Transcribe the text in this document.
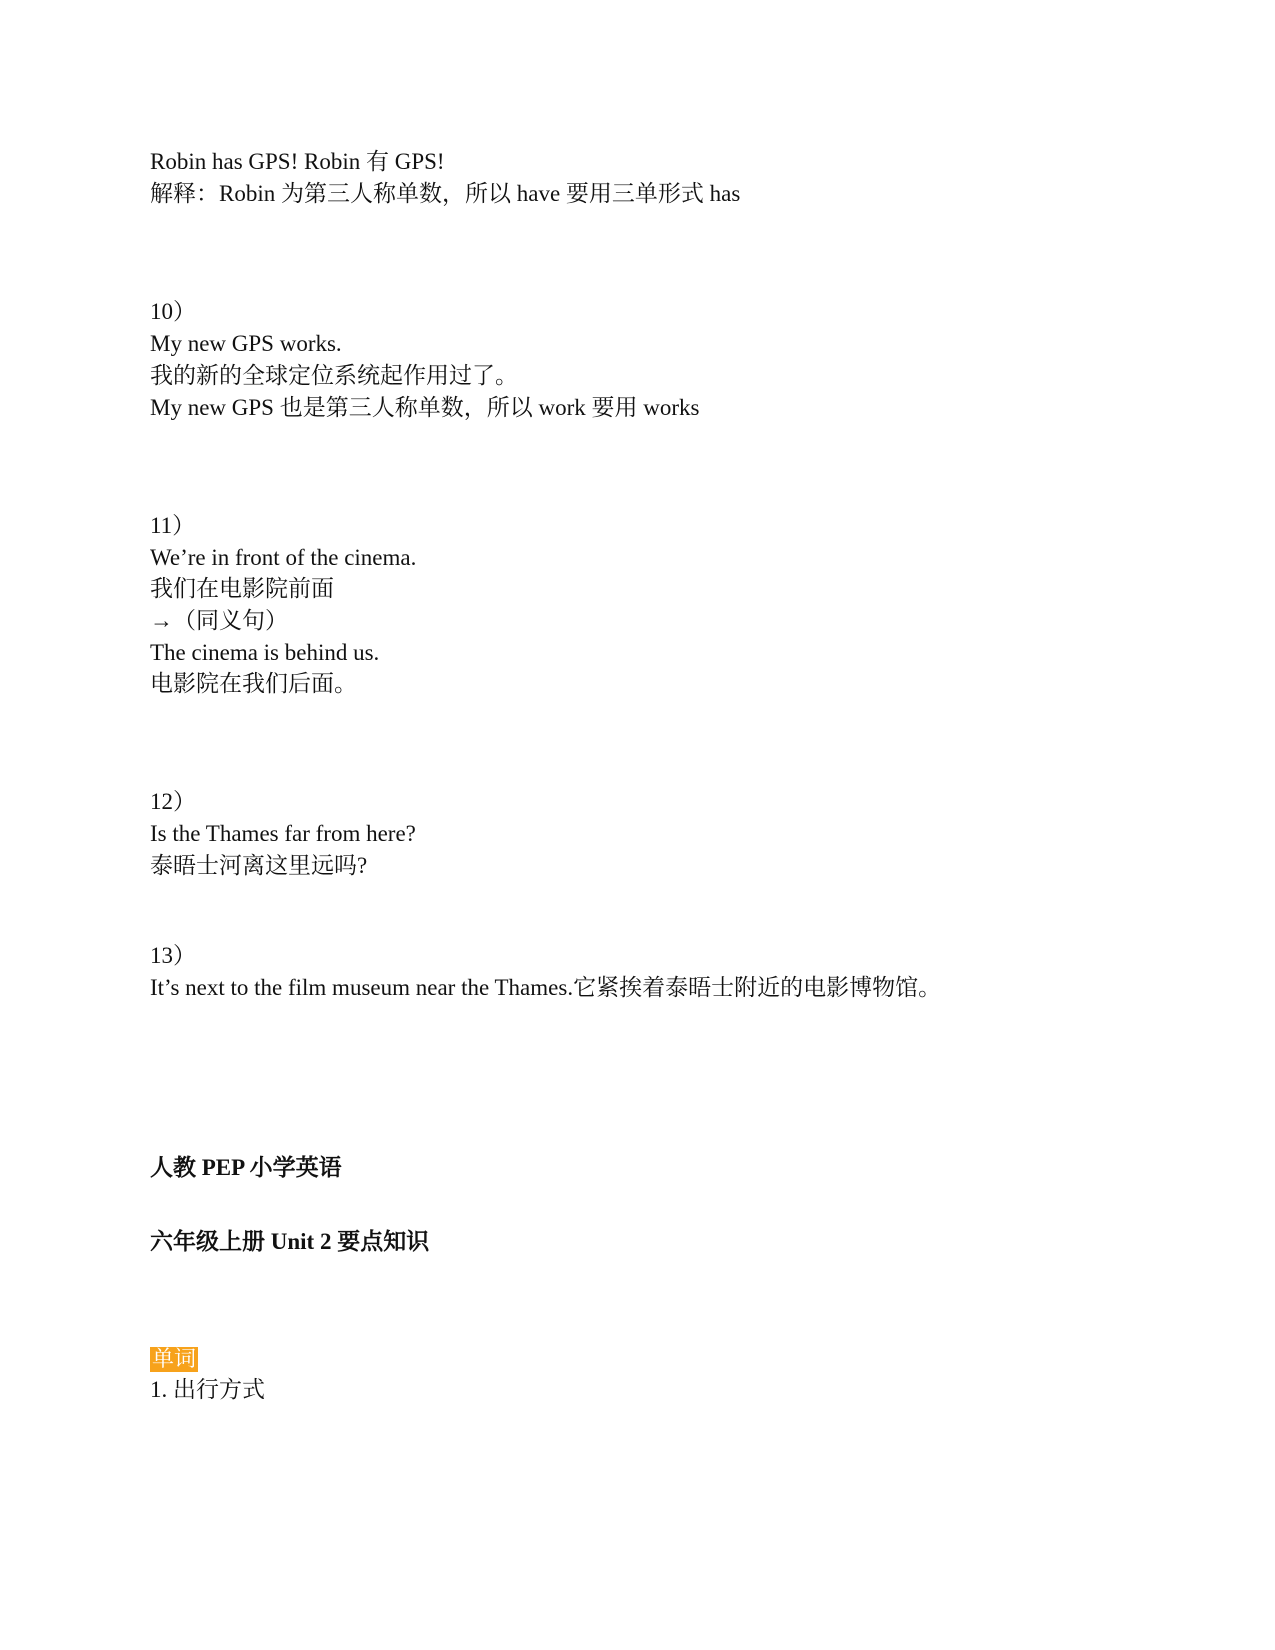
Robin has GPS! Robin 有 GPS!
解释：Robin 为第三人称单数，所以 have 要用三单形式 has
10）
My new GPS works.
我的新的全球定位系统起作用过了。
My new GPS 也是第三人称单数，所以 work 要用 works
11）
We’re in front of the cinema.
我们在电影院前面
→（同义句）
The cinema is behind us.
电影院在我们后面。
12）
Is the Thames far from here?
泰晤士河离这里远吗?
13）
It’s next to the film museum near the Thames.它紧挨着泰晤士附近的电影博物馆。
人教 PEP 小学英语
六年级上册 Unit 2 要点知识
单词
1. 出行方式
